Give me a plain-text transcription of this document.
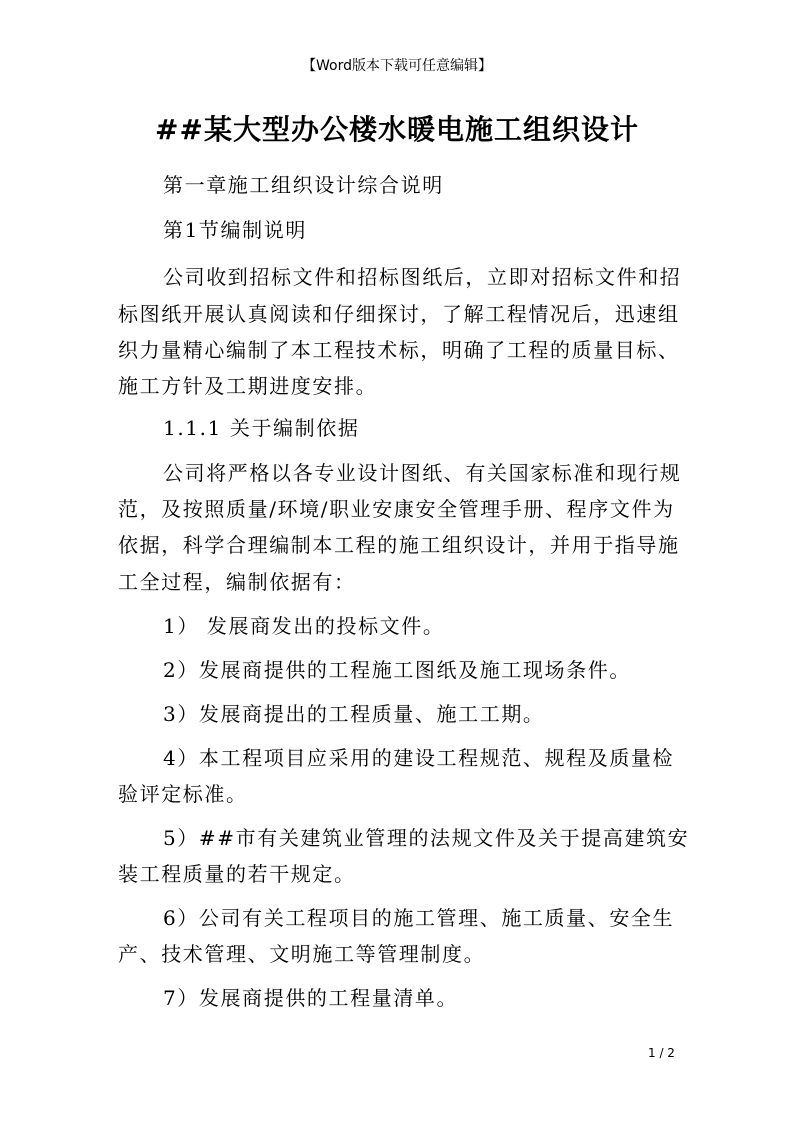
【Word版本下载可任意编辑】
##某大型办公楼水暖电施工组织设计
第一章施工组织设计综合说明
第1节编制说明
公司收到招标文件和招标图纸后，立即对招标文件和招
标图纸开展认真阅读和仔细探讨，了解工程情况后，迅速组
织力量精心编制了本工程技术标，明确了工程的质量目标、
施工方针及工期进度安排。
1.1.1 关于编制依据
公司将严格以各专业设计图纸、有关国家标准和现行规
范，及按照质量/环境/职业安康安全管理手册、程序文件为
依据，科学合理编制本工程的施工组织设计，并用于指导施
工全过程，编制依据有：
1） 发展商发出的投标文件。
2）发展商提供的工程施工图纸及施工现场条件。
3）发展商提出的工程质量、施工工期。
4）本工程项目应采用的建设工程规范、规程及质量检
验评定标准。
5）##市有关建筑业管理的法规文件及关于提高建筑安
装工程质量的若干规定。
6）公司有关工程项目的施工管理、施工质量、安全生
产、技术管理、文明施工等管理制度。
7）发展商提供的工程量清单。
1 / 2
